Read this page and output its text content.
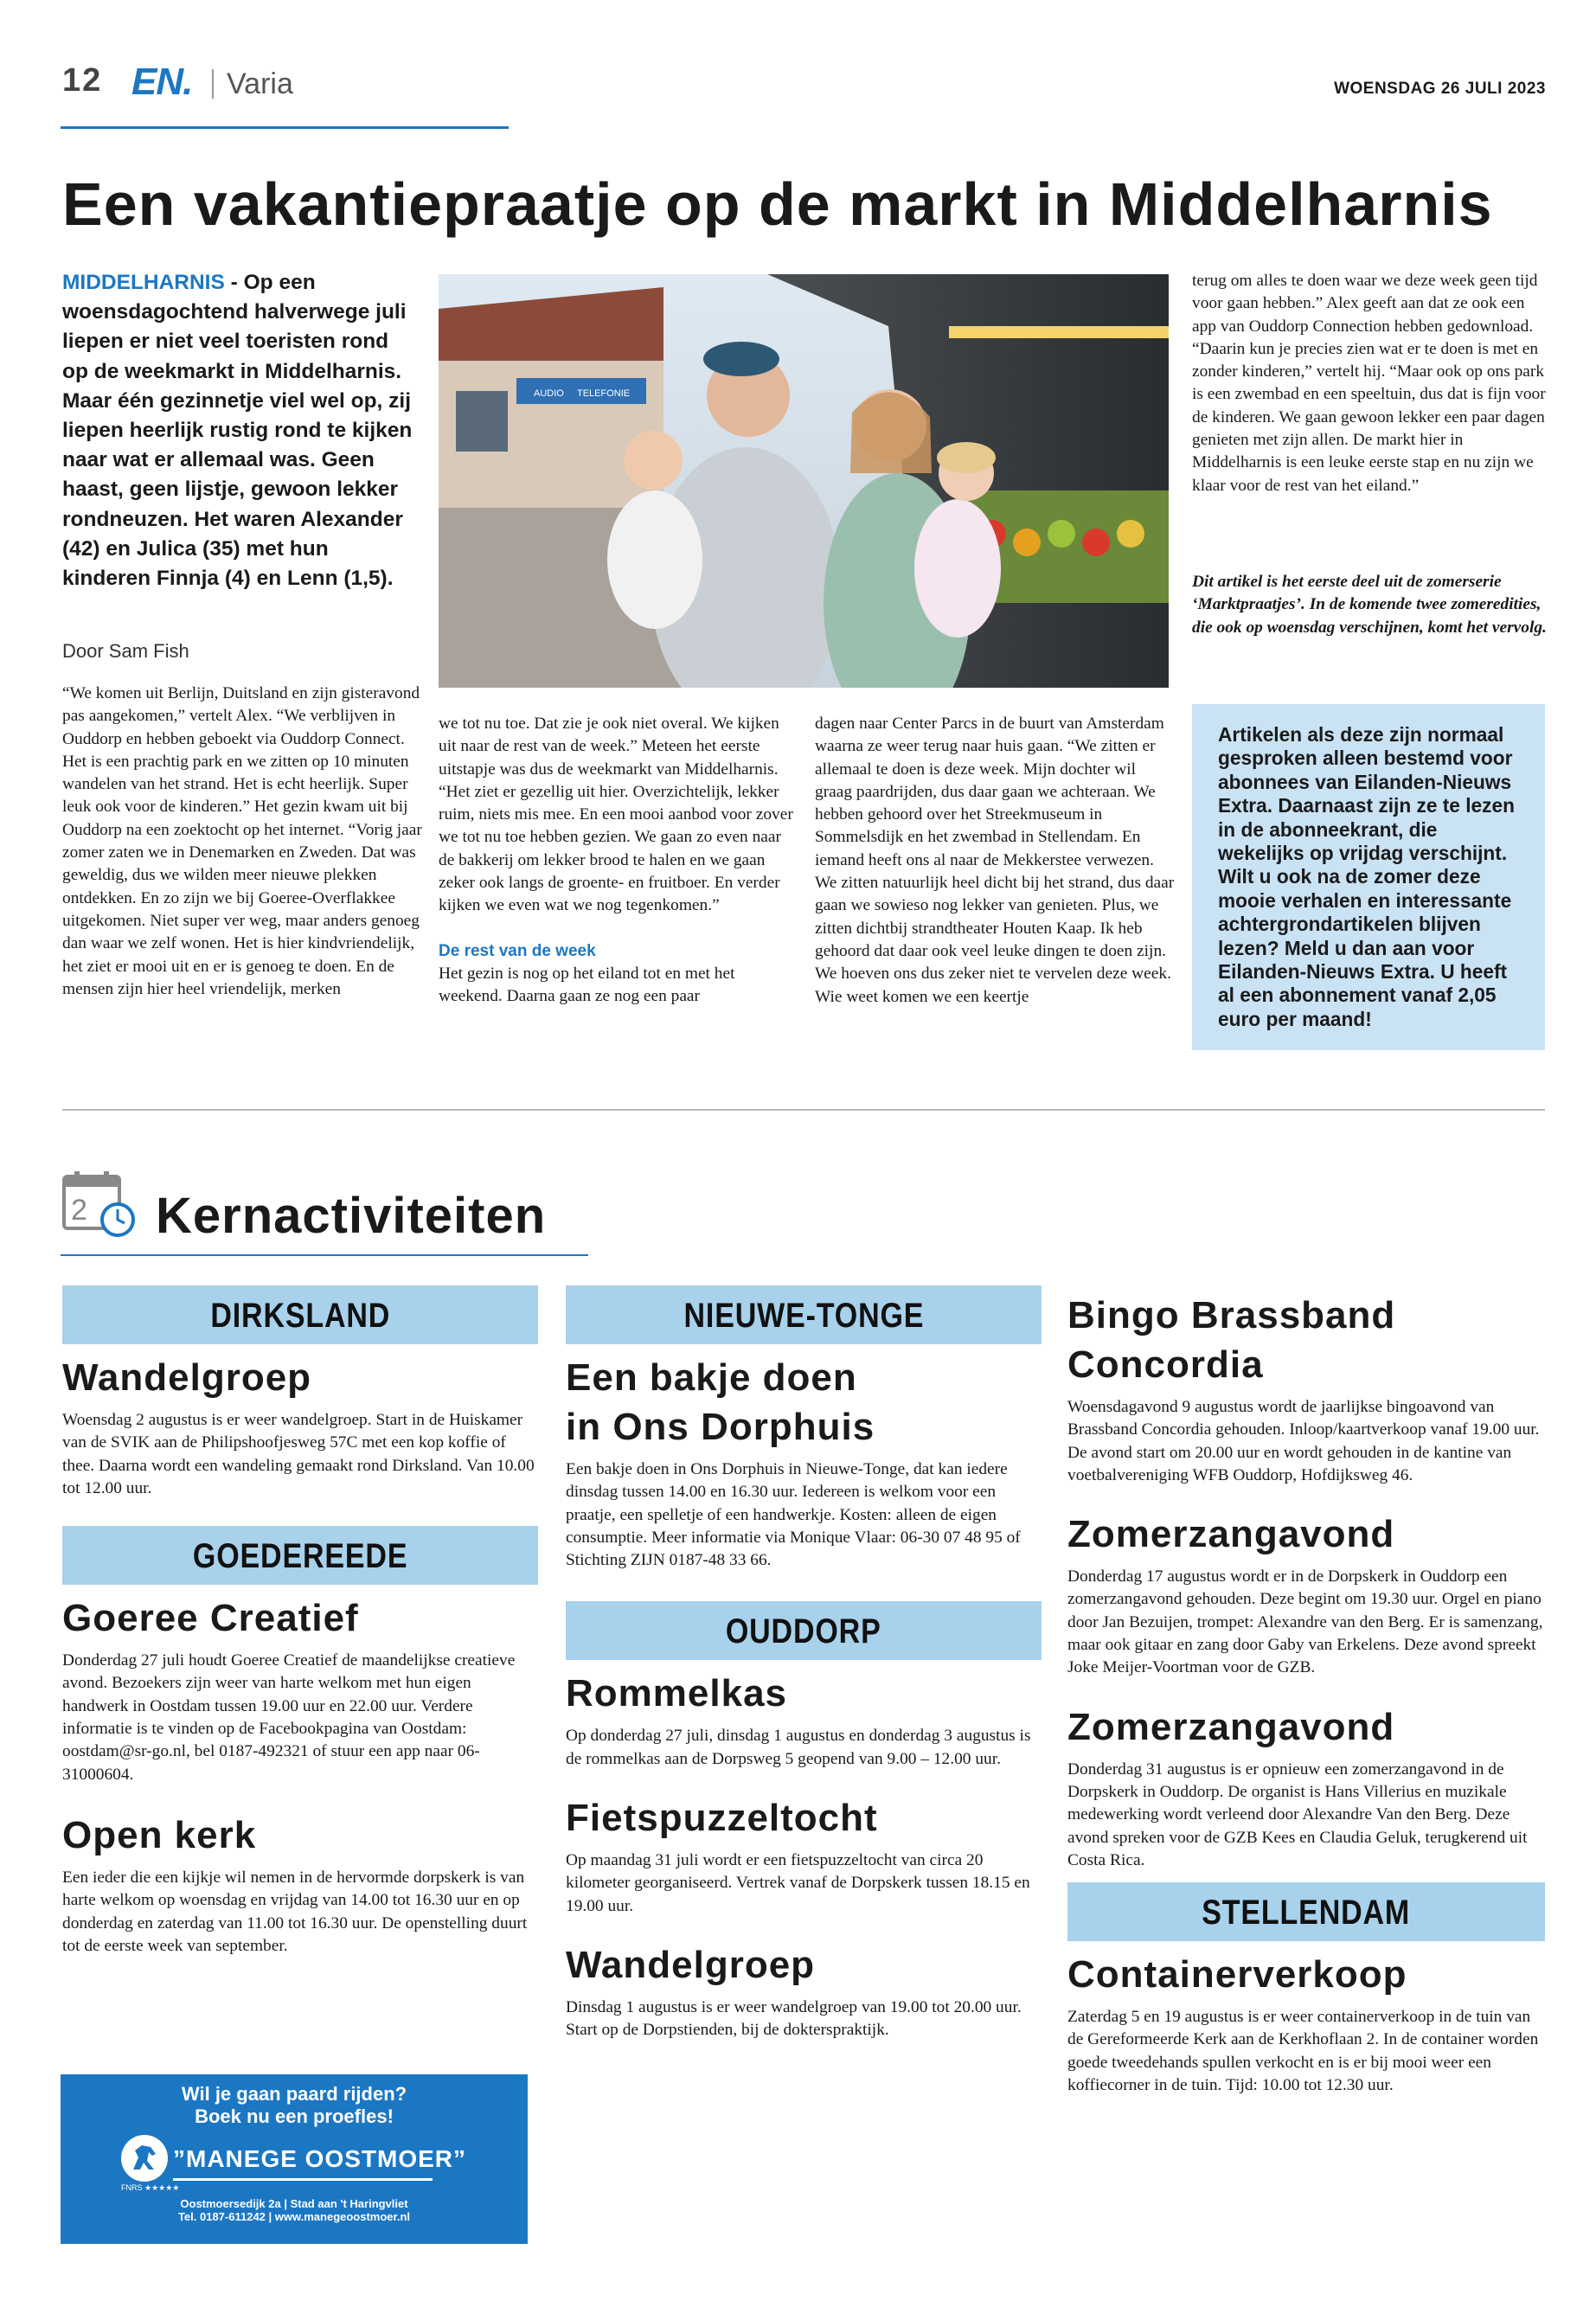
12 EN. Varia	WOENSDAG 26 JULI 2023
Een vakantiepraatje op de markt in Middelharnis
MIDDELHARNIS - Op een woensdagochtend halverwege juli liepen er niet veel toeristen rond op de weekmarkt in Middelharnis. Maar één gezinnetje viel wel op, zij liepen heerlijk rustig rond te kijken naar wat er allemaal was. Geen haast, geen lijstje, gewoon lekker rondneuzen. Het waren Alexander (42) en Julica (35) met hun kinderen Finnja (4) en Lenn (1,5).
Door Sam Fish
AUDIO TELEFONIE
“We komen uit Berlijn, Duitsland en zijn gisteravond pas aangekomen,” vertelt Alex. “We verblijven in Ouddorp en hebben geboekt via Ouddorp Connect. Het is een prachtig park en we zitten op 10 minuten wandelen van het strand. Het is echt heerlijk. Super leuk ook voor de kinderen.” Het gezin kwam uit bij Ouddorp na een zoektocht op het internet. “Vorig jaar zomer zaten we in Denemarken en Zweden. Dat was geweldig, dus we wilden meer nieuwe plekken ontdekken. En zo zijn we bij Goeree-Overflakkee uitgekomen. Niet super ver weg, maar anders genoeg dan waar we zelf wonen. Het is hier kindvriendelijk, het ziet er mooi uit en er is genoeg te doen. En de mensen zijn hier heel vriendelijk, merken

we tot nu toe. Dat zie je ook niet overal. We kijken uit naar de rest van de week.” Meteen het eerste uitstapje was dus de weekmarkt van Middelharnis. “Het ziet er gezellig uit hier. Overzichtelijk, lekker ruim, niets mis mee. En een mooi aanbod voor zover we tot nu toe hebben gezien. We gaan zo even naar de bakkerij om lekker brood te halen en we gaan zeker ook langs de groente- en fruitboer. En verder kijken we even wat we nog tegenkomen.”

De rest van de week

Het gezin is nog op het eiland tot en met het weekend. Daarna gaan ze nog een paar

dagen naar Center Parcs in de buurt van Amsterdam waarna ze weer terug naar huis gaan. “We zitten er allemaal te doen is deze week. Mijn dochter wil graag paardrijden, dus daar gaan we achteraan. We hebben gehoord over het Streekmuseum in Sommelsdijk en het zwembad in Stellendam. En iemand heeft ons al naar de Mekkerstee verwezen. We zitten natuurlijk heel dicht bij het strand, dus daar gaan we sowieso nog lekker van genieten. Plus, we zitten dichtbij strandtheater Houten Kaap. Ik heb gehoord dat daar ook veel leuke dingen te doen zijn. We hoeven ons dus zeker niet te vervelen deze week. Wie weet komen we een keertje
terug om alles te doen waar we deze week geen tijd voor gaan hebben.” Alex geeft aan dat ze ook een app van Ouddorp Connection hebben gedownload. “Daarin kun je precies zien wat er te doen is met en zonder kinderen,” vertelt hij. “Maar ook op ons park is een zwembad en een speeltuin, dus dat is fijn voor de kinderen. We gaan gewoon lekker een paar dagen genieten met zijn allen. De markt hier in Middelharnis is een leuke eerste stap en nu zijn we klaar voor de rest van het eiland.”
Dit artikel is het eerste deel uit de zomerserie ‘Marktpraatjes’. In de komende twee zomeredities, die ook op woensdag verschijnen, komt het vervolg.
Artikelen als deze zijn normaal gesproken alleen bestemd voor abonnees van Eilanden-Nieuws Extra. Daarnaast zijn ze te lezen in de abonneekrant, die wekelijks op vrijdag verschijnt. Wilt u ook na de zomer deze mooie verhalen en interessante achtergrondartikelen blijven lezen? Meld u dan aan voor Eilanden-Nieuws Extra. U heeft al een abonnement vanaf 2,05 euro per maand!
2 Kernactiviteiten
DIRKSLAND
Wandelgroep
Woensdag 2 augustus is er weer wandelgroep. Start in de Huiskamer van de SVIK aan de Philipshoofjesweg 57C met een kop koffie of thee. Daarna wordt een wandeling gemaakt rond Dirksland. Van 10.00 tot 12.00 uur.
GOEDEREEDE
Goeree Creatief
Donderdag 27 juli houdt Goeree Creatief de maandelijkse creatieve avond. Bezoekers zijn weer van harte welkom met hun eigen handwerk in Oostdam tussen 19.00 uur en 22.00 uur. Verdere informatie is te vinden op de Facebookpagina van Oostdam: oostdam@sr-go.nl, bel 0187-492321 of stuur een app naar 06-31000604.
Open kerk
Een ieder die een kijkje wil nemen in de hervormde dorpskerk is van harte welkom op woensdag en vrijdag van 14.00 tot 16.30 uur en op donderdag en zaterdag van 11.00 tot 16.30 uur. De openstelling duurt tot de eerste week van september.
NIEUWE-TONGE
Een bakje doen
in Ons Dorphuis
Een bakje doen in Ons Dorphuis in Nieuwe-Tonge, dat kan iedere dinsdag tussen 14.00 en 16.30 uur. Iedereen is welkom voor een praatje, een spelletje of een handwerkje. Kosten: alleen de eigen consumptie. Meer informatie via Monique Vlaar: 06-30 07 48 95 of Stichting ZIJN 0187-48 33 66.
OUDDORP
Rommelkas
Op donderdag 27 juli, dinsdag 1 augustus en donderdag 3 augustus is de rommelkas aan de Dorpsweg 5 geopend van 9.00 – 12.00 uur.
Fietspuzzeltocht
Op maandag 31 juli wordt er een fietspuzzeltocht van circa 20 kilometer georganiseerd. Vertrek vanaf de Dorpskerk tussen 18.15 en 19.00 uur.
Wandelgroep
Dinsdag 1 augustus is er weer wandelgroep van 19.00 tot 20.00 uur. Start op de Dorpstienden, bij de dokterspraktijk.
Bingo Brassband
Concordia
Woensdagavond 9 augustus wordt de jaarlijkse bingoavond van Brassband Concordia gehouden. Inloop/kaartverkoop vanaf 19.00 uur. De avond start om 20.00 uur en wordt gehouden in de kantine van voetbalvereniging WFB Ouddorp, Hofdijksweg 46.
Zomerzangavond
Donderdag 17 augustus wordt er in de Dorpskerk in Ouddorp een zomerzangavond gehouden. Deze begint om 19.30 uur. Orgel en piano door Jan Bezuijen, trompet: Alexandre van den Berg. Er is samenzang, maar ook gitaar en zang door Gaby van Erkelens. Deze avond spreekt Joke Meijer-Voortman voor de GZB.
Zomerzangavond
Donderdag 31 augustus is er opnieuw een zomerzangavond in de Dorpskerk in Ouddorp. De organist is Hans Villerius en muzikale medewerking wordt verleend door Alexandre Van den Berg. Deze avond spreken voor de GZB Kees en Claudia Geluk, terugkerend uit Costa Rica.
STELLENDAM
Containerverkoop
Zaterdag 5 en 19 augustus is er weer containerverkoop in de tuin van de Gereformeerde Kerk aan de Kerkhoflaan 2. In de container worden goede tweedehands spullen verkocht en is er bij mooi weer een koffiecorner in de tuin. Tijd: 10.00 tot 12.30 uur.
Wil je gaan paard rijden?
Boek nu een proefles!
”MANEGE OOSTMOER”
FNRS ★★★★★
Oostmoersedijk 2a | Stad aan 't Haringvliet
Tel. 0187-611242 | www.manegeoostmoer.nl
